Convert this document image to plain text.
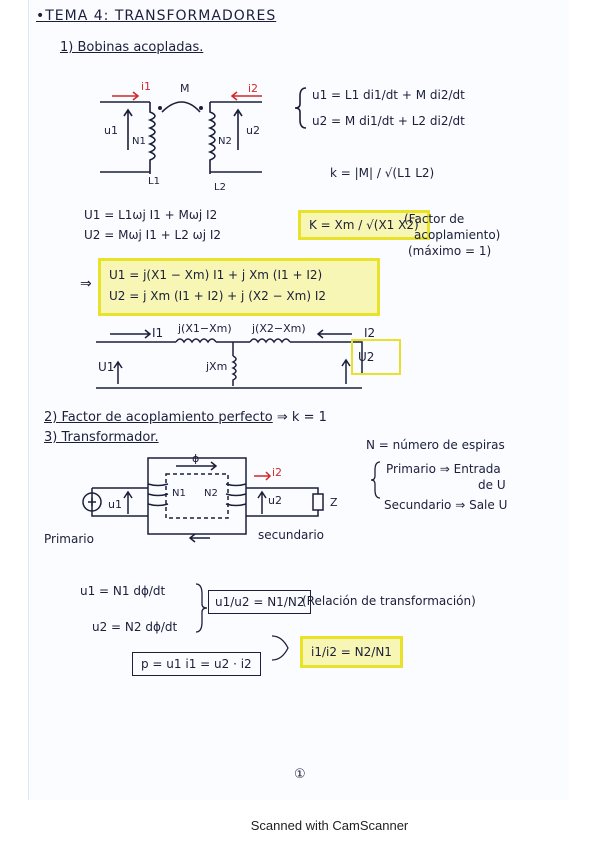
•TEMA 4: TRANSFORMADORES
1) Bobinas acopladas.
i1	i2
M
u1
N1	N2
u2
L1
L2
u1 = L1 di1/dt + M di2/dt
u2 = M di1/dt + L2 di2/dt
k = |M| / √(L1 L2)
U1 = L1ωj I1 + Mωj I2
U2 = Mωj I1 + L2 ωj I2
K = Xm / √(X1 X2)
(Factor de
acoplamiento)
(máximo = 1)
⇒
U1 = j(X1 − Xm) I1 + j Xm (I1 + I2)
U2 = j Xm (I1 + I2) + j (X2 − Xm) I2
I1 j(X1−Xm) j(X2−Xm)	I2
jXm
U1
U2
2) Factor de acoplamiento perfecto ⇒ k = 1
3) Transformador.	N = número de espiras
Primario ⇒ Entrada
de U
Secundario ⇒ Sale U
ϕ
i2
N1 N2
u1	u2	Z
Primario	secundario
u1 = N1 dϕ/dt
u2 = N2 dϕ/dt
u1/u2 = N1/N2
(Relación de transformación)
p = u1 i1 = u2 · i2
i1/i2 = N2/N1
①
Scanned with CamScanner
